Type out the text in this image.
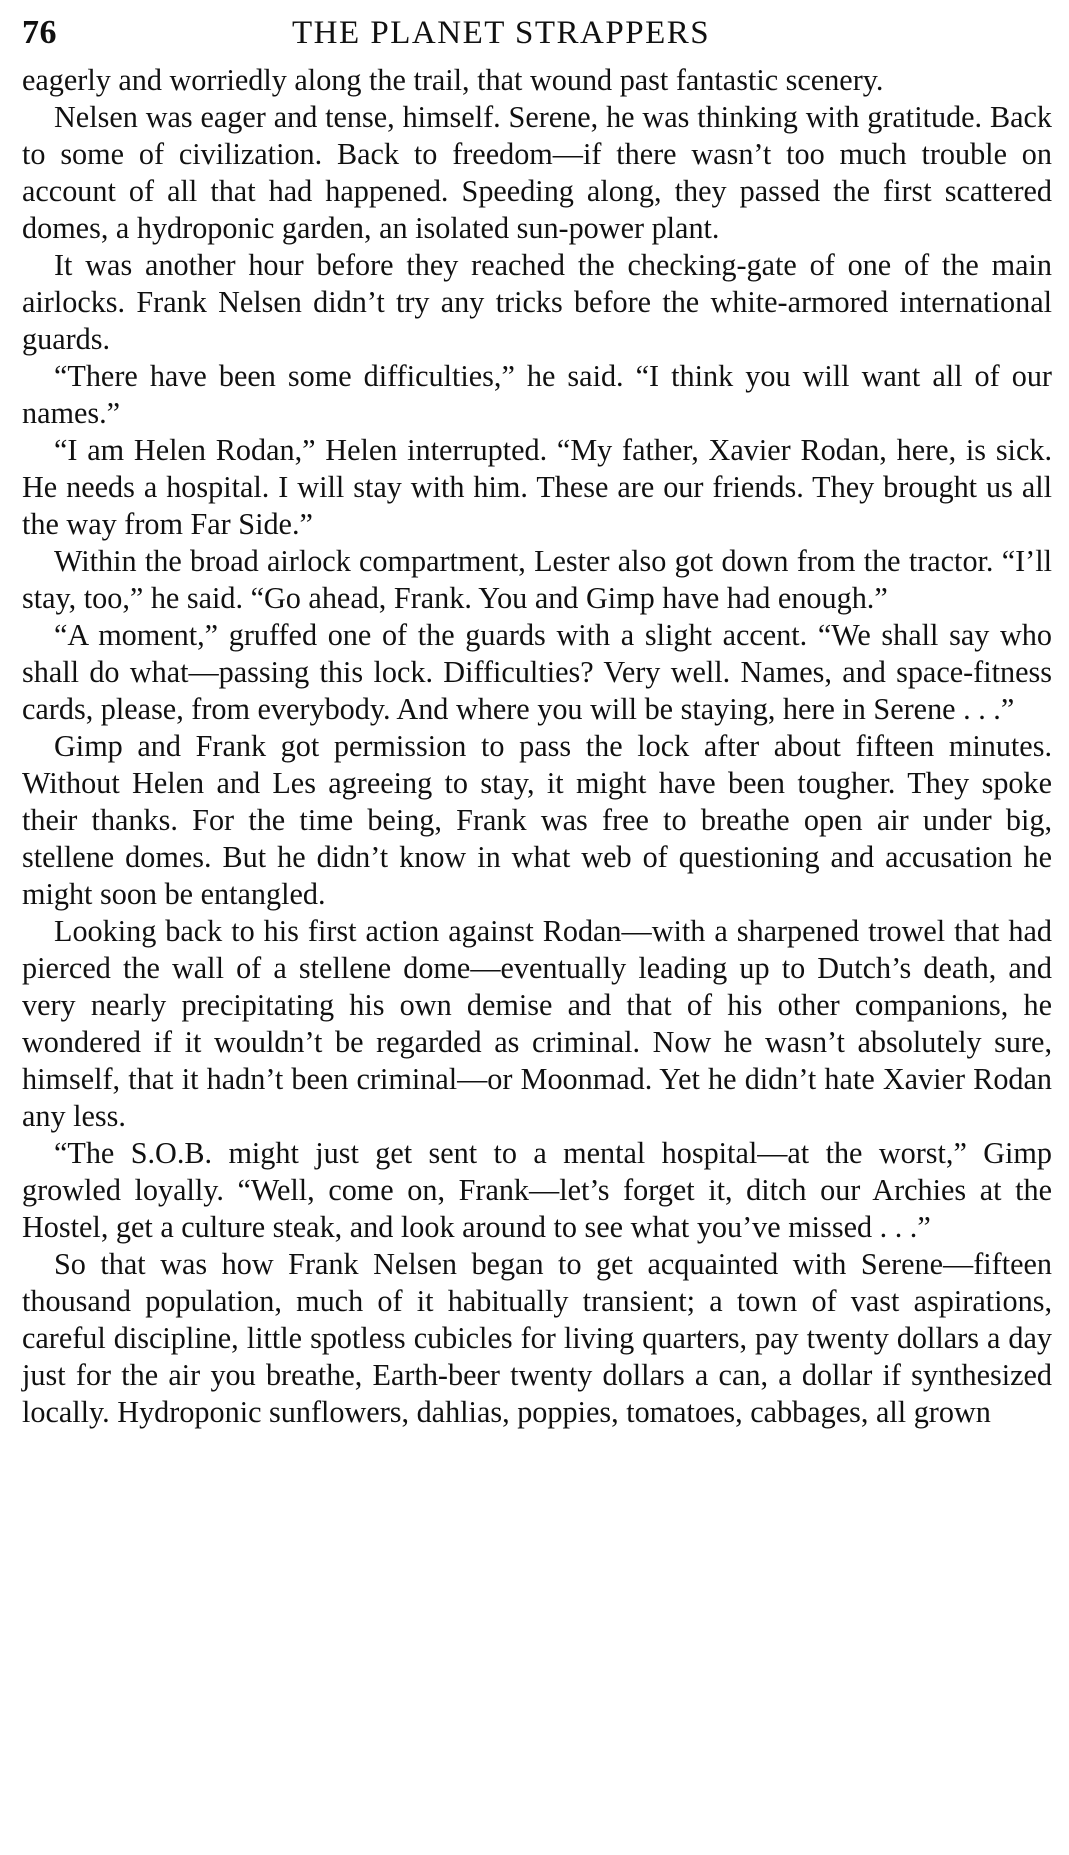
76	THE PLANET STRAPPERS

eagerly and worriedly along the trail, that wound past fantastic scenery.

Nelsen was eager and tense, himself. Serene, he was thinking with gratitude. Back to some of civilization. Back to freedom—if there wasn’t too much trouble on account of all that had happened. Speeding along, they passed the first scattered domes, a hydroponic garden, an isolated sun-power plant.

It was another hour before they reached the checking-gate of one of the main airlocks. Frank Nelsen didn’t try any tricks before the white-armored international guards.

“There have been some difficulties,” he said. “I think you will want all of our names.”

“I am Helen Rodan,” Helen interrupted. “My father, Xavier Rodan, here, is sick. He needs a hospital. I will stay with him. These are our friends. They brought us all the way from Far Side.”

Within the broad airlock compartment, Lester also got down from the tractor. “I’ll stay, too,” he said. “Go ahead, Frank. You and Gimp have had enough.”

“A moment,” gruffed one of the guards with a slight accent. “We shall say who shall do what—passing this lock. Difficulties? Very well. Names, and space-fitness cards, please, from everybody. And where you will be staying, here in Serene . . .”

Gimp and Frank got permission to pass the lock after about fifteen minutes. Without Helen and Les agreeing to stay, it might have been tougher. They spoke their thanks. For the time being, Frank was free to breathe open air under big, stellene domes. But he didn’t know in what web of questioning and accusation he might soon be entangled.

Looking back to his first action against Rodan—with a sharpened trowel that had pierced the wall of a stellene dome—eventually leading up to Dutch’s death, and very nearly precipitating his own demise and that of his other companions, he wondered if it wouldn’t be regarded as criminal. Now he wasn’t absolutely sure, himself, that it hadn’t been criminal—or Moonmad. Yet he didn’t hate Xavier Rodan any less.

“The S.O.B. might just get sent to a mental hospital—at the worst,” Gimp growled loyally. “Well, come on, Frank—let’s forget it, ditch our Archies at the Hostel, get a culture steak, and look around to see what you’ve missed . . .”

So that was how Frank Nelsen began to get acquainted with Serene—fifteen thousand population, much of it habitually transient; a town of vast aspirations, careful discipline, little spotless cubicles for living quarters, pay twenty dollars a day just for the air you breathe, Earth-beer twenty dollars a can, a dollar if synthesized locally. Hydroponic sunflowers, dahlias, poppies, tomatoes, cabbages, all grown
